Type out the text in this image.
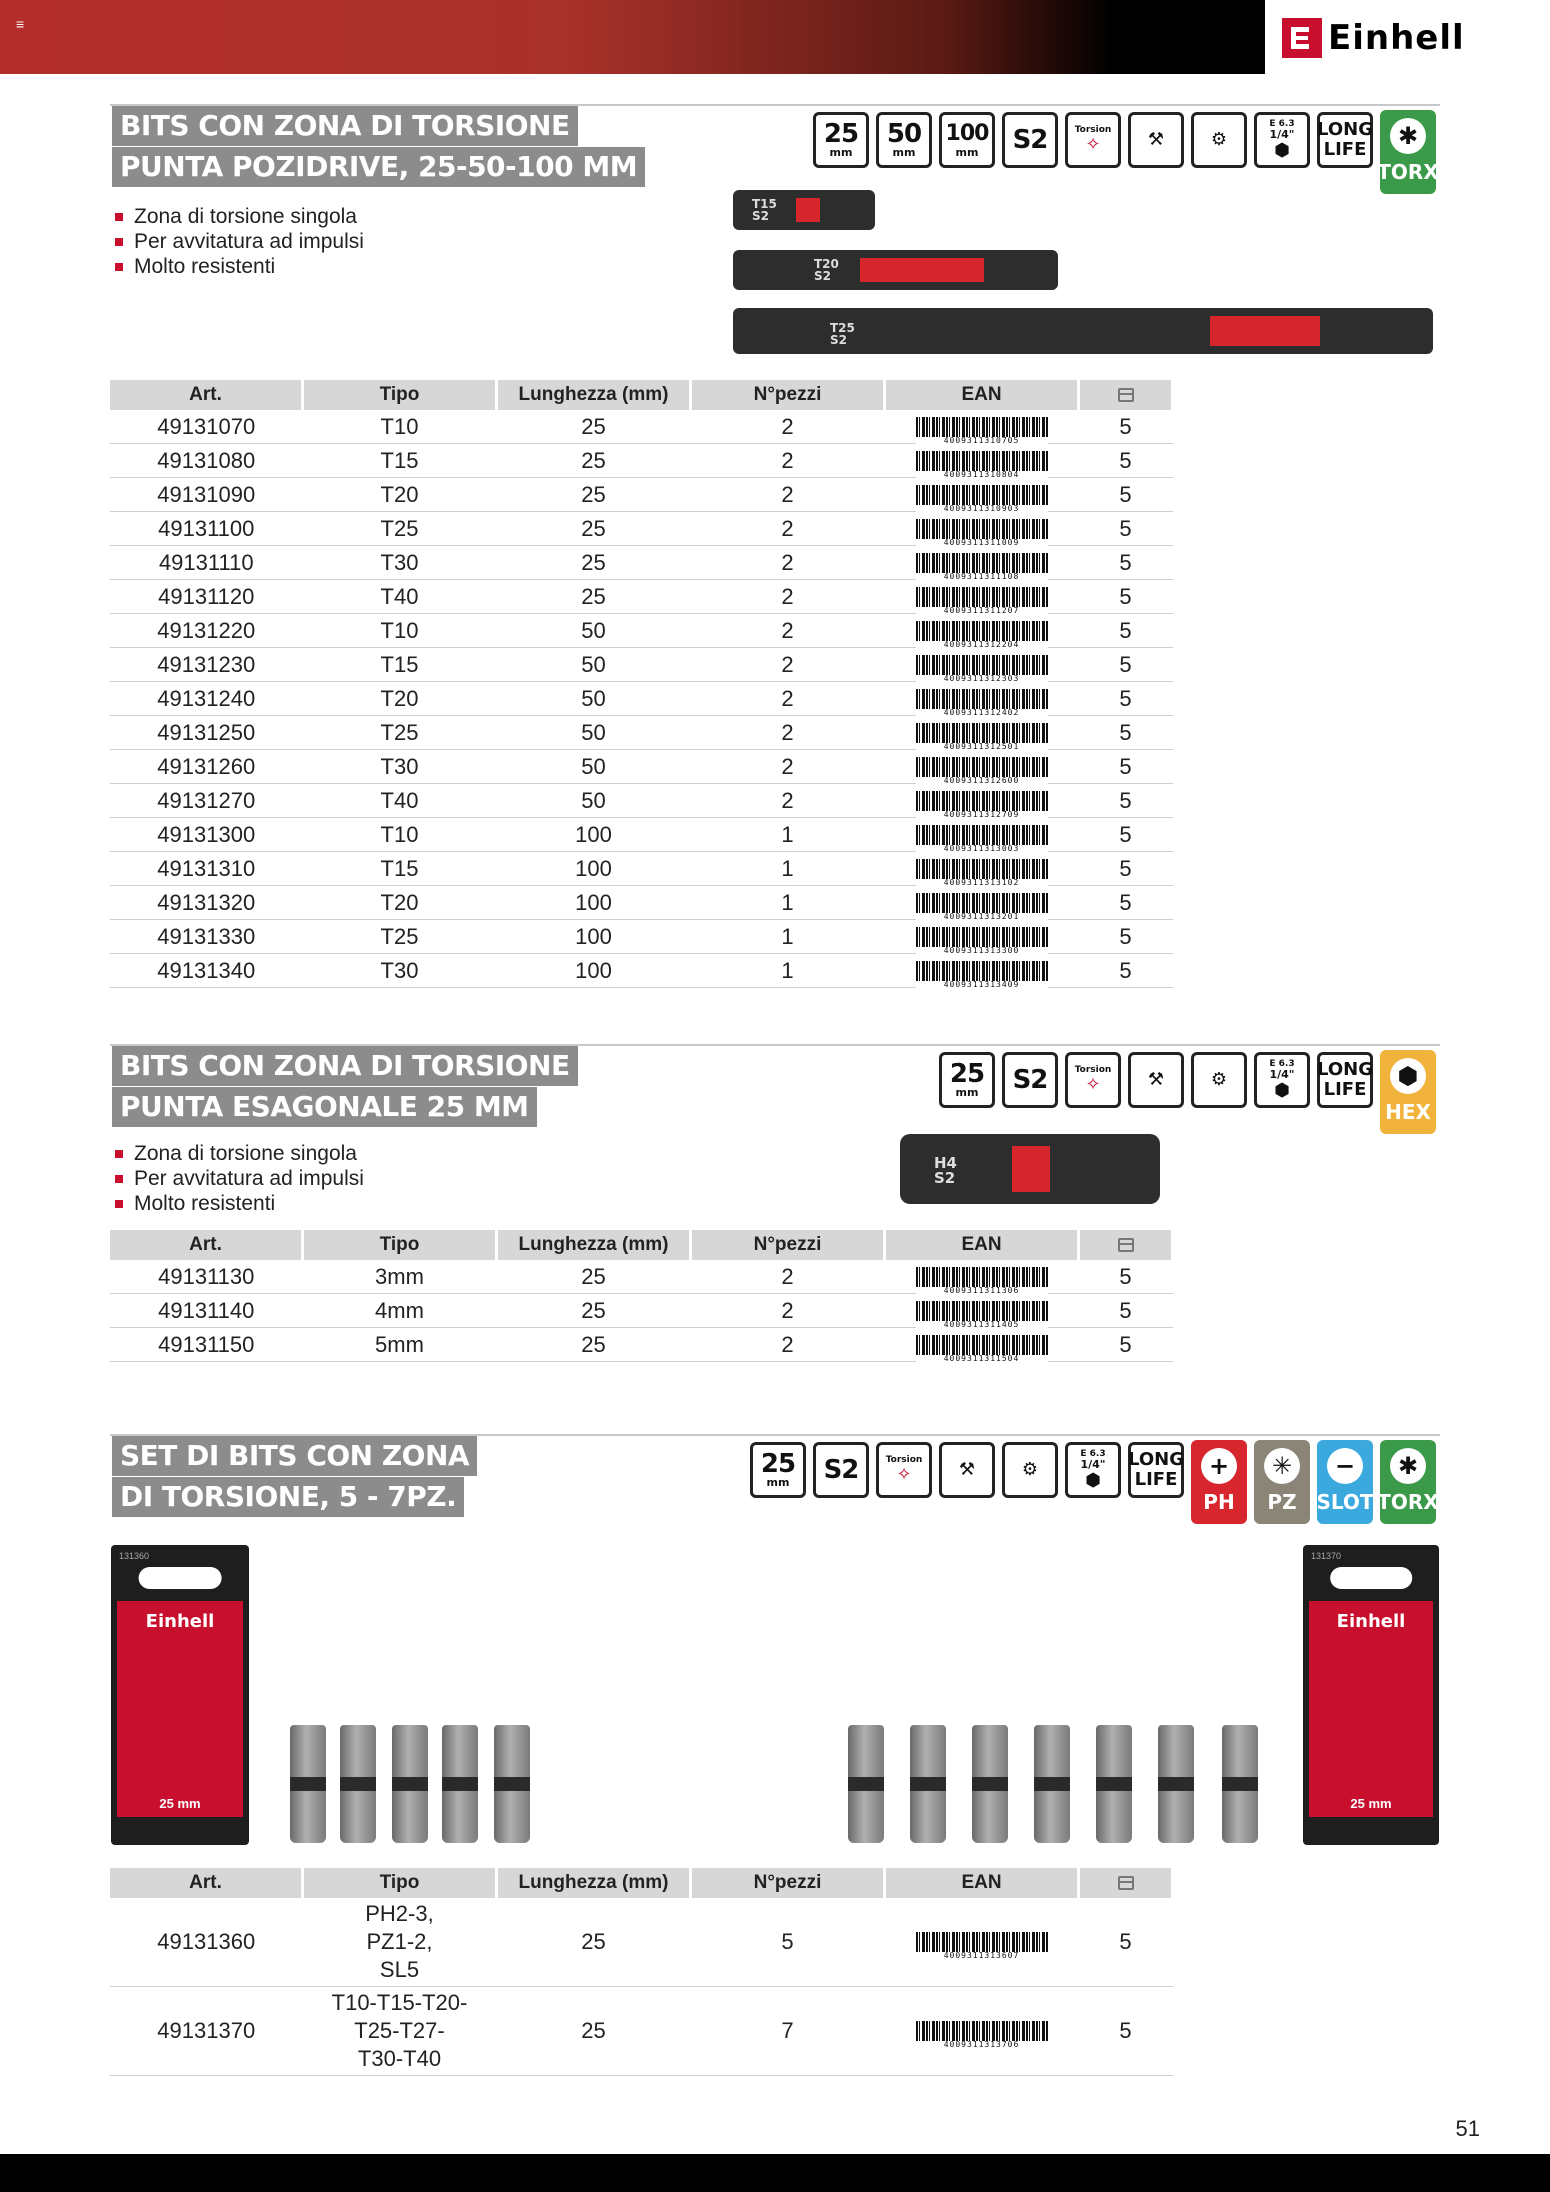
≡	Einhell
BITS CON ZONA DI TORSIONE
PUNTA POZIDRIVE, 25-50-100 MM
25
mm
50
mm
100
mm S2	Torsion
✧	⚒	⚙
E 6.3
1/4"
⬢
LONG
LIFE	✱
TORX
Zona di torsione singola
Per avvitatura ad impulsi
Molto resistenti
T15 S2
T20 S2
T25 S2
Art.	Tipo	Lunghezza (mm)	N°pezzi	EAN	
49131070	T10	25	2	4009311310705	5
49131080	T15	25	2	4009311310804	5
49131090	T20	25	2	4009311310903	5
49131100	T25	25	2	4009311311009	5
49131110	T30	25	2	4009311311108	5
49131120	T40	25	2	4009311311207	5
49131220	T10	50	2	4009311312204	5
49131230	T15	50	2	4009311312303	5
49131240	T20	50	2	4009311312402	5
49131250	T25	50	2	4009311312501	5
49131260	T30	50	2	4009311312600	5
49131270	T40	50	2	4009311312709	5
49131300	T10	100	1	4009311313003	5
49131310	T15	100	1	4009311313102	5
49131320	T20	100	1	4009311313201	5
49131330	T25	100	1	4009311313300	5
49131340	T30	100	1	4009311313409	5
BITS CON ZONA DI TORSIONE
PUNTA ESAGONALE 25 MM
25
mm S2	Torsion
✧	⚒	⚙
E 6.3
1/4"
⬢
LONG
LIFE	⬢
HEX
Zona di torsione singola
Per avvitatura ad impulsi
Molto resistenti
H4 S2
Art.	Tipo	Lunghezza (mm)	N°pezzi	EAN	
49131130	3mm	25	2	4009311311306	5
49131140	4mm	25	2	4009311311405	5
49131150	5mm	25	2	4009311311504	5
SET DI BITS CON ZONA
DI TORSIONE, 5 - 7PZ.
25
mm S2	Torsion
✧	⚒	⚙
E 6.3
1/4"
⬢
LONG
LIFE	+
PH
✳
PZ
−
SLOT
✱
TORX
131360
Einhell
25 mm
131370
Einhell
25 mm
Art.	Tipo	Lunghezza (mm)	N°pezzi	EAN	
49131360	PH2-3,
PZ1-2,
SL5	25	5	4009311313607	5
49131370	T10-T15-T20-
T25-T27-
T30-T40	25	7	4009311313706	5
51
